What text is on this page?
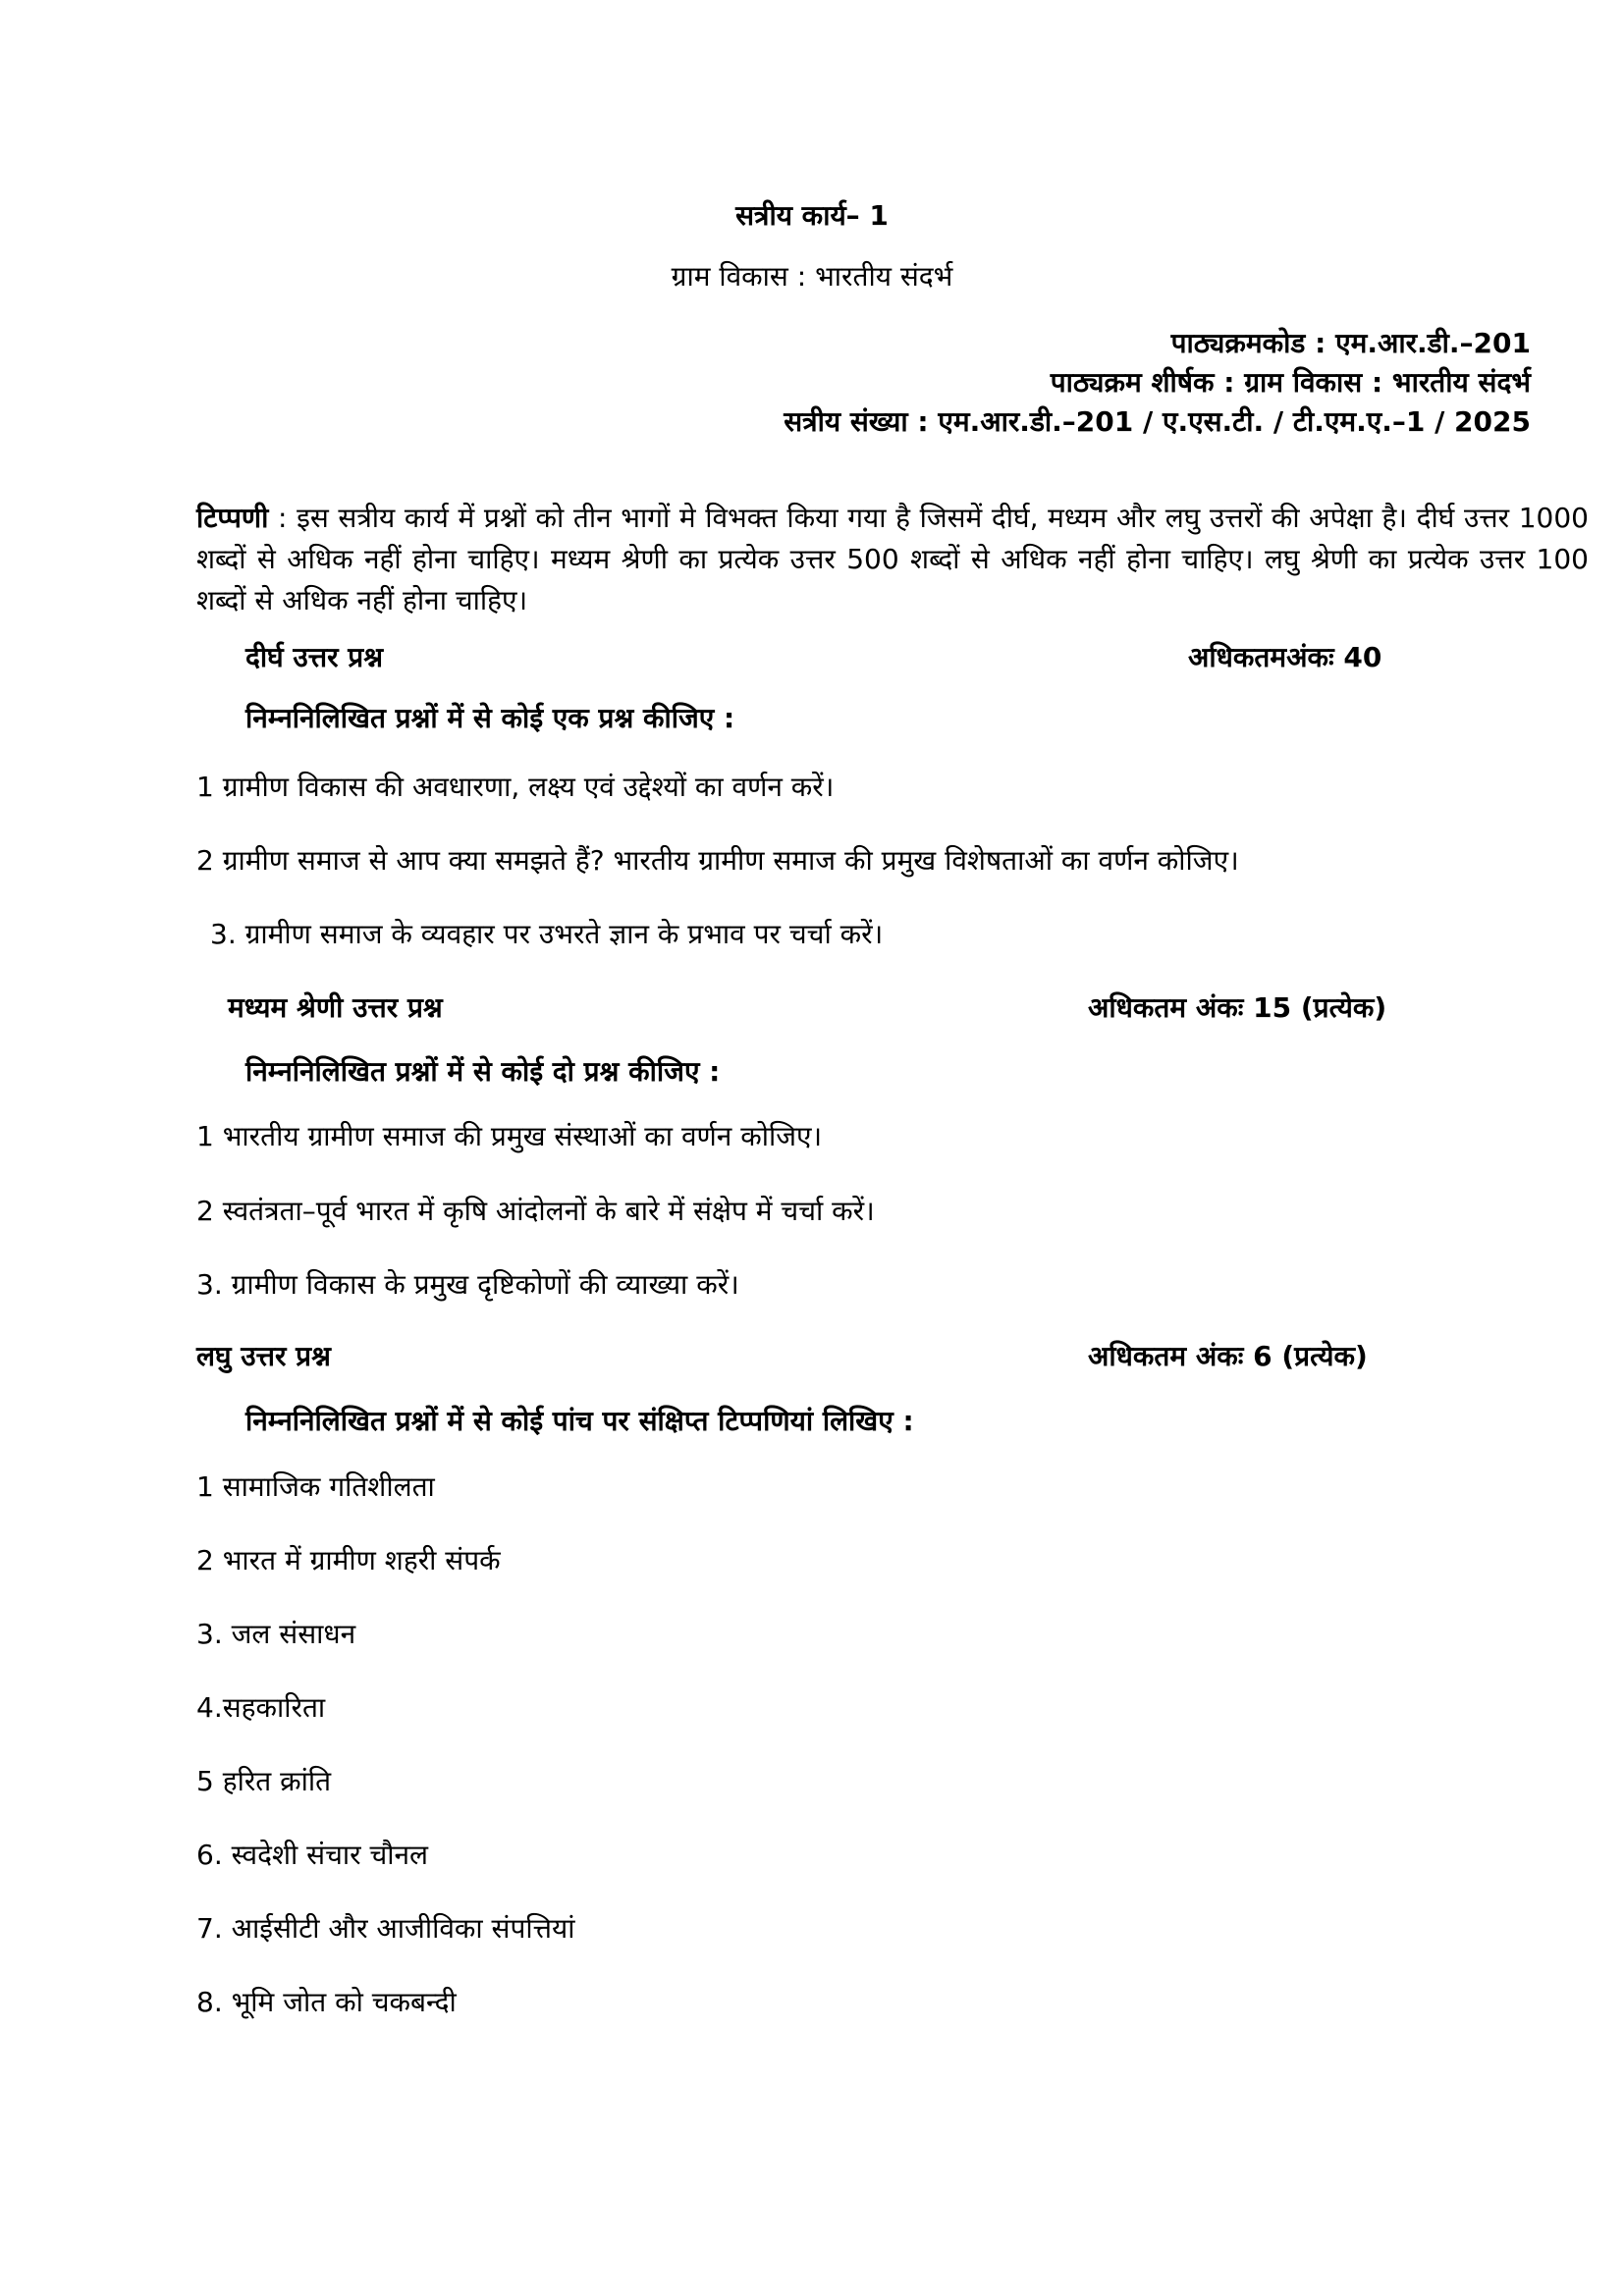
सत्रीय कार्य– 1
ग्राम विकास : भारतीय संदर्भ
पाठ्यक्रमकोड : एम.आर.डी.–201
पाठ्यक्रम शीर्षक : ग्राम विकास : भारतीय संदर्भ
सत्रीय संख्या : एम.आर.डी.–201 / ए.एस.टी. / टी.एम.ए.–1 / 2025
टिप्पणी : इस सत्रीय कार्य में प्रश्नों को तीन भागों मे विभक्त किया गया है जिसमें दीर्घ, मध्यम और लघु उत्तरों की अपेक्षा है। दीर्घ उत्तर 1000 शब्दों से अधिक नहीं होना चाहिए। मध्यम श्रेणी का प्रत्येक उत्तर 500 शब्दों से अधिक नहीं होना चाहिए। लघु श्रेणी का प्रत्येक उत्तर 100 शब्दों से अधिक नहीं होना चाहिए।
दीर्घ उत्तर प्रश्न	अधिकतमअंकः 40
निम्ननिलिखित प्रश्नों में से कोई एक प्रश्न कीजिए :
1 ग्रामीण विकास की अवधारणा, लक्ष्य एवं उद्देश्यों का वर्णन करें।
2 ग्रामीण समाज से आप क्या समझते हैं? भारतीय ग्रामीण समाज की प्रमुख विशेषताओं का वर्णन कोजिए।
3. ग्रामीण समाज के व्यवहार पर उभरते ज्ञान के प्रभाव पर चर्चा करें।
मध्यम श्रेणी उत्तर प्रश्न	अधिकतम अंकः 15 (प्रत्येक)
निम्ननिलिखित प्रश्नों में से कोई दो प्रश्न कीजिए :
1 भारतीय ग्रामीण समाज की प्रमुख संस्थाओं का वर्णन कोजिए।
2 स्वतंत्रता–पूर्व भारत में कृषि आंदोलनों के बारे में संक्षेप में चर्चा करें।
3. ग्रामीण विकास के प्रमुख दृष्टिकोणों की व्याख्या करें।
लघु उत्तर प्रश्न	अधिकतम अंकः 6 (प्रत्येक)
निम्ननिलिखित प्रश्नों में से कोई पांच पर संक्षिप्त टिप्पणियां लिखिए :
1 सामाजिक गतिशीलता
2 भारत में ग्रामीण शहरी संपर्क
3. जल संसाधन
4.सहकारिता
5 हरित क्रांति
6. स्वदेशी संचार चौनल
7. आईसीटी और आजीविका संपत्तियां
8. भूमि जोत को चकबन्दी
